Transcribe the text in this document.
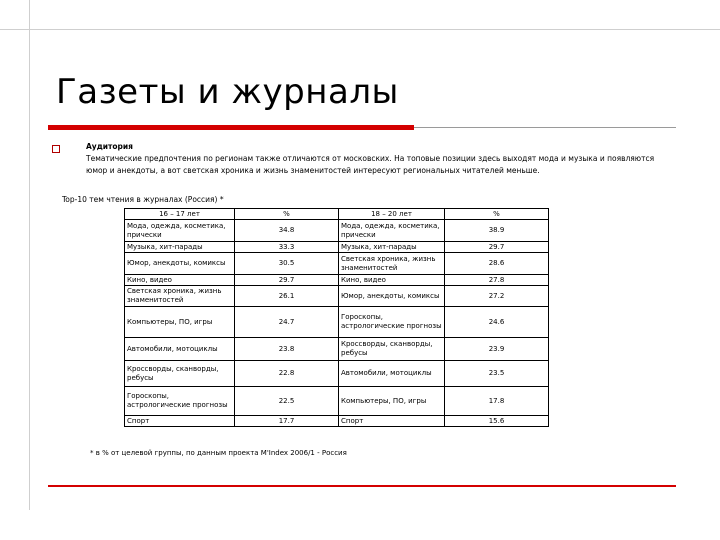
Газеты и журналы
Аудитория
Тематические предпочтения по регионам также отличаются от московских. На топовые позиции здесь выходят мода и музыка и появляются юмор и анекдоты, а вот светская хроника и жизнь знаменитостей интересуют региональных читателей меньше.
Top-10 тем чтения в журналах (Россия) *
16 – 17 лет	%	18 – 20 лет	%
Мода, одежда, косметика, прически	34.8	Мода, одежда, косметика, прически	38.9
Музыка, хит-парады	33.3	Музыка, хит-парады	29.7
Юмор, анекдоты, комиксы	30.5	Светская хроника, жизнь знаменитостей	28.6
Кино, видео	29.7	Кино, видео	27.8
Светская хроника, жизнь знаменитостей	26.1	Юмор, анекдоты, комиксы	27.2
Компьютеры, ПО, игры	24.7	Гороскопы, астрологические прогнозы	24.6
Автомобили, мотоциклы	23.8	Кроссворды, сканворды, ребусы	23.9
Кроссворды, сканворды, ребусы	22.8	Автомобили, мотоциклы	23.5
Гороскопы, астрологические прогнозы	22.5	Компьютеры, ПО, игры	17.8
Спорт	17.7	Спорт	15.6
* в % от целевой группы, по данным проекта M'Index 2006/1 - Россия
